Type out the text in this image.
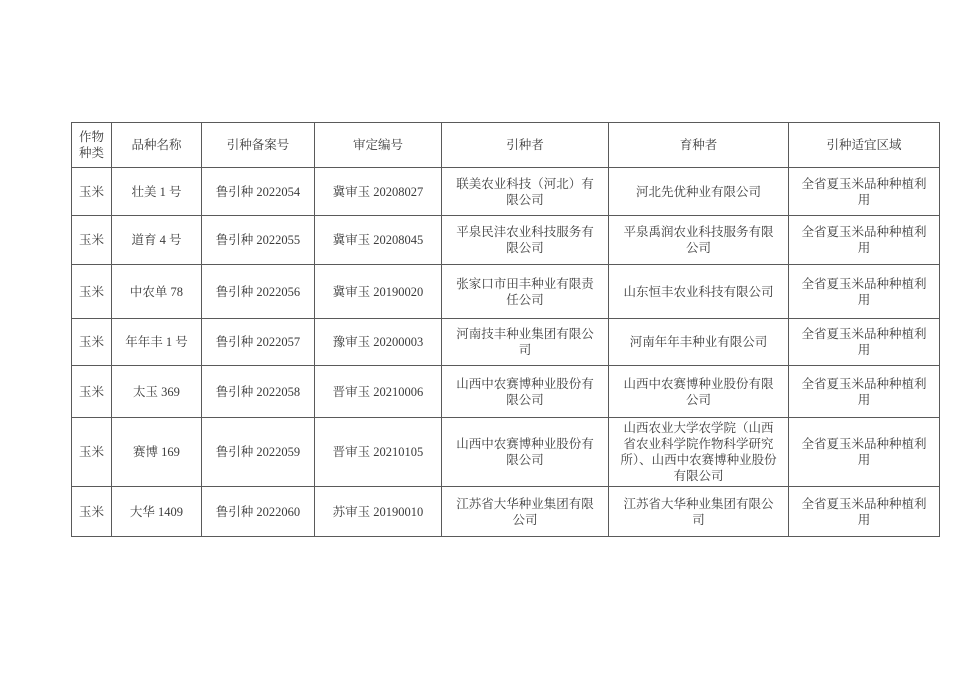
作物种类	品种名称	引种备案号	审定编号	引种者	育种者	引种适宜区域
玉米	壮美 1 号	鲁引种 2022054	冀审玉 20208027	联美农业科技（河北）有限公司	河北先优种业有限公司	全省夏玉米品种种植利用
玉米	道育 4 号	鲁引种 2022055	冀审玉 20208045	平泉民沣农业科技服务有限公司	平泉禹润农业科技服务有限公司	全省夏玉米品种种植利用
玉米	中农单 78	鲁引种 2022056	冀审玉 20190020	张家口市田丰种业有限责任公司	山东恒丰农业科技有限公司	全省夏玉米品种种植利用
玉米	年年丰 1 号	鲁引种 2022057	豫审玉 20200003	河南技丰种业集团有限公司	河南年年丰种业有限公司	全省夏玉米品种种植利用
玉米	太玉 369	鲁引种 2022058	晋审玉 20210006	山西中农赛博种业股份有限公司	山西中农赛博种业股份有限公司	全省夏玉米品种种植利用
玉米	赛博 169	鲁引种 2022059	晋审玉 20210105	山西中农赛博种业股份有限公司	山西农业大学农学院（山西省农业科学院作物科学研究所）、山西中农赛博种业股份有限公司	全省夏玉米品种种植利用
玉米	大华 1409	鲁引种 2022060	苏审玉 20190010	江苏省大华种业集团有限公司	江苏省大华种业集团有限公司	全省夏玉米品种种植利用
